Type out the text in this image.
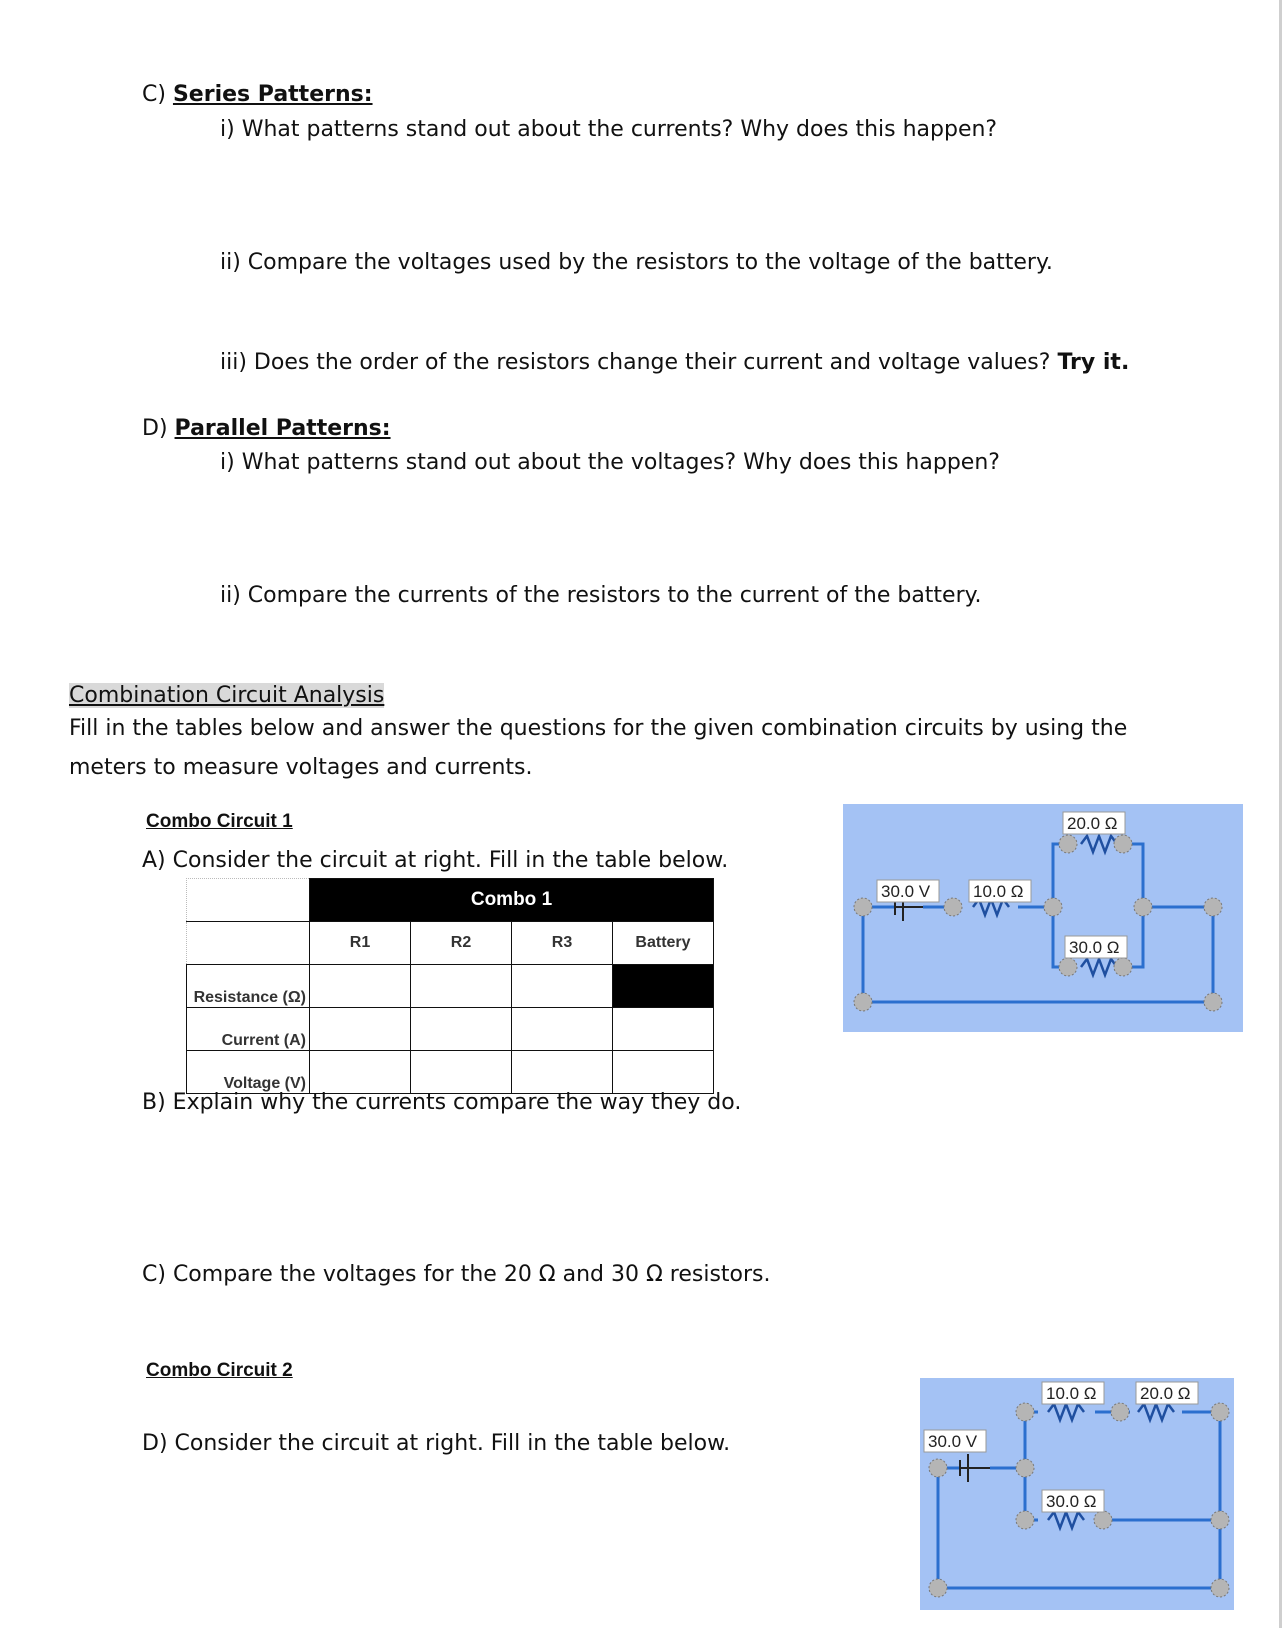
C) Series Patterns:
i) What patterns stand out about the currents? Why does this happen?
ii) Compare the voltages used by the resistors to the voltage of the battery.
iii) Does the order of the resistors change their current and voltage values? Try it.
D) Parallel Patterns:
i) What patterns stand out about the voltages? Why does this happen?
ii) Compare the currents of the resistors to the current of the battery.
Combination Circuit Analysis
Fill in the tables below and answer the questions for the given combination circuits by using the
meters to measure voltages and currents.
Combo Circuit 1
A) Consider the circuit at right. Fill in the table below.
	Combo 1			
	R1	R2	R3	Battery
Resistance (Ω)				
Current (A)				
Voltage (V)				
B) Explain why the currents compare the way they do.
C) Compare the voltages for the 20 Ω and 30 Ω resistors.
Combo Circuit 2
D) Consider the circuit at right. Fill in the table below.
30.0 V	10.0 Ω
20.0 Ω
30.0 Ω
30.0 V
10.0 Ω	20.0 Ω
30.0 Ω
